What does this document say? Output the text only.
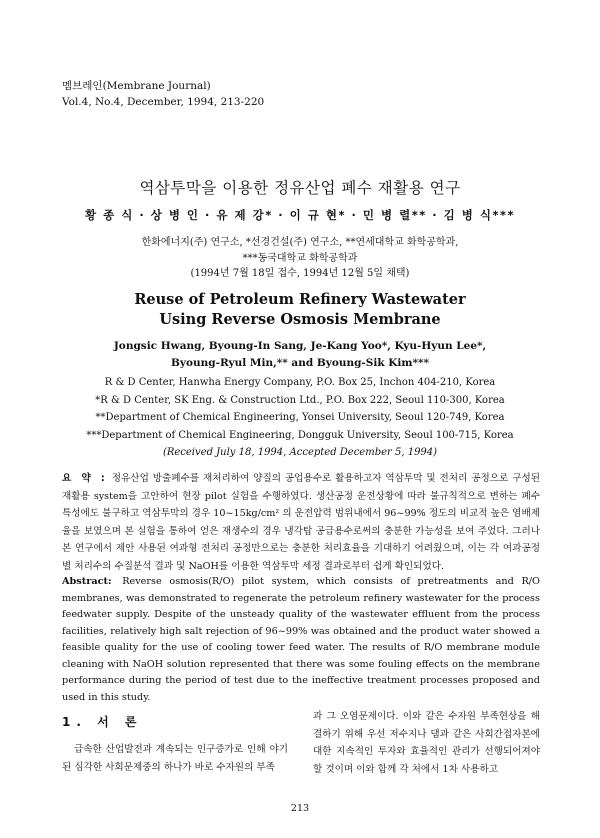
멤브레인(Membrane Journal)
Vol.4, No.4, December, 1994, 213-220
역삼투막을 이용한 정유산업 폐수 재활용 연구
황 종 식 · 상 병 인 · 유 제 강* · 이 규 현* · 민 병 렬** · 김 병 식***
한화에너지(주) 연구소, *선경건설(주) 연구소, **연세대학교 화학공학과,
***동국대학교 화학공학과
(1994년 7월 18일 접수, 1994년 12월 5일 채택)
Reuse of Petroleum Refinery Wastewater
Using Reverse Osmosis Membrane
Jongsic Hwang, Byoung-In Sang, Je-Kang Yoo*, Kyu-Hyun Lee*,
Byoung-Ryul Min,** and Byoung-Sik Kim***
R & D Center, Hanwha Energy Company, P.O. Box 25, Inchon 404-210, Korea
*R & D Center, SK Eng. & Construction Ltd., P.O. Box 222, Seoul 110-300, Korea
**Department of Chemical Engineering, Yonsei University, Seoul 120-749, Korea
***Department of Chemical Engineering, Dongguk University, Seoul 100-715, Korea
(Received July 18, 1994, Accepted December 5, 1994)
요 약 : 정유산업 방출폐수를 재처리하여 양질의 공업용수로 활용하고자 역삼투막 및 전처리 공정으로 구성된 재활용 system을 고안하여 현장 pilot 실험을 수행하였다. 생산공정 운전상황에 따라 불규칙적으로 변하는 폐수 특성에도 불구하고 역삼투막의 경우 10~15kg/cm² 의 운전압력 범위내에서 96~99% 정도의 비교적 높은 염배제율을 보였으며 본 실험을 통하여 얻은 재생수의 경우 냉각탑 공급용수로써의 충분한 가능성을 보여 주었다. 그러나 본 연구에서 제안 사용된 여과형 전처리 공정만으로는 충분한 처리효율을 기대하기 어려웠으며, 이는 각 여과공정별 처리수의 수질분석 결과 및 NaOH를 이용한 역삼투막 세정 결과로부터 쉽게 확인되었다.
Abstract: Reverse osmosis(R/O) pilot system, which consists of pretreatments and R/O membranes, was demonstrated to regenerate the petroleum refinery wastewater for the process feedwater supply. Despite of the unsteady quality of the wastewater effluent from the process facilities, relatively high salt rejection of 96~99% was obtained and the product water showed a feasible quality for the use of cooling tower feed water. The results of R/O membrane module cleaning with NaOH solution represented that there was some fouling effects on the membrane performance during the period of test due to the ineffective treatment processes proposed and used in this study.
1. 서 론
급속한 산업발전과 계속되는 인구증가로 인해 야기된 심각한 사회문제중의 하나가 바로 수자원의 부족
과 그 오염문제이다. 이와 같은 수자원 부족현상을 해결하기 위해 우선 저수지나 댐과 같은 사회간접자본에 대한 지속적인 투자와 효율적인 관리가 선행되어져야 할 것이며 이와 함께 각 처에서 1차 사용하고
213
